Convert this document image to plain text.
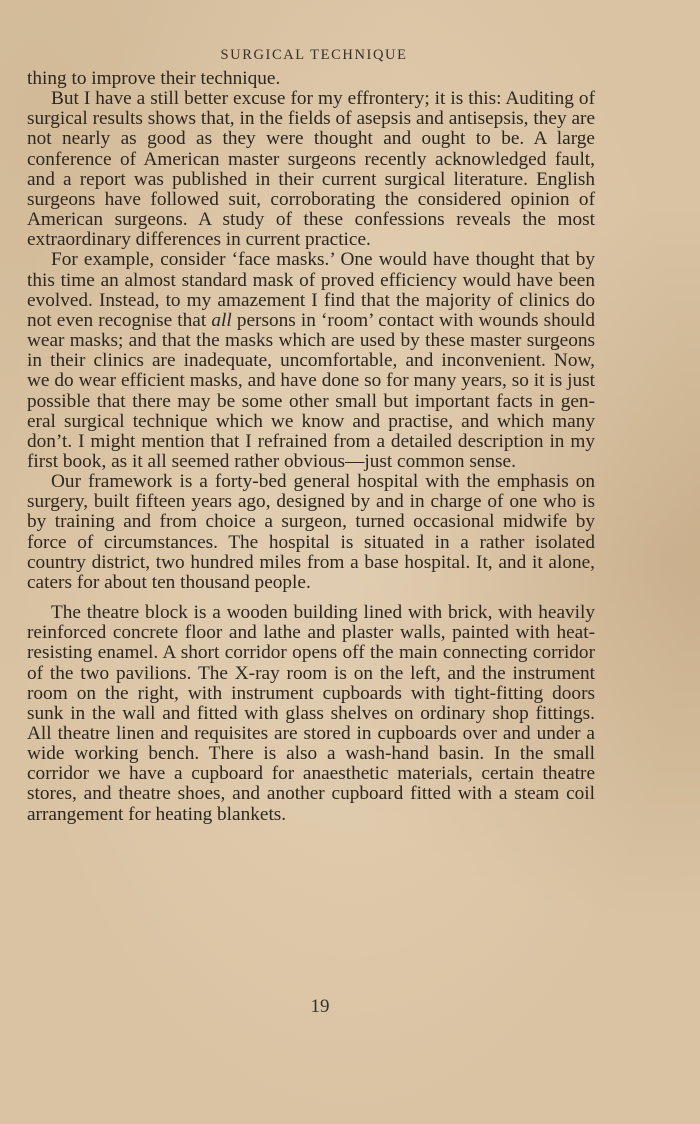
SURGICAL TECHNIQUE

thing to improve their technique.

But I have a still better excuse for my effrontery; it is this: Auditing of surgical results shows that, in the fields of asepsis and antisepsis, they are not nearly as good as they were thought and ought to be. A large conference of American master surgeons recently acknowledged fault, and a report was published in their current surgical literature. English surgeons have followed suit, corroborating the considered opinion of American surgeons. A study of these confessions reveals the most extraordinary differences in current practice.

For example, consider ‘face masks.’ One would have thought that by this time an almost standard mask of proved efficiency would have been evolved. Instead, to my amazement I find that the majority of clinics do not even recognise that all persons in ‘room’ contact with wounds should wear masks; and that the masks which are used by these master surgeons in their clinics are inadequate, uncomfortable, and inconvenient. Now, we do wear efficient masks, and have done so for many years, so it is just possible that there may be some other small but important facts in general surgical technique which we know and practise, and which many don’t. I might mention that I refrained from a detailed description in my first book, as it all seemed rather obvious—just common sense.

Our framework is a forty-bed general hospital with the emphasis on surgery, built fifteen years ago, designed by and in charge of one who is by training and from choice a surgeon, turned occasional midwife by force of circumstances. The hospital is situated in a rather isolated country district, two hundred miles from a base hospital. It, and it alone, caters for about ten thousand people.

The theatre block is a wooden building lined with brick, with heavily reinforced concrete floor and lathe and plaster walls, painted with heat-resisting enamel. A short corridor opens off the main connecting corridor of the two pavilions. The X-ray room is on the left, and the instrument room on the right, with instrument cupboards with tight-fitting doors sunk in the wall and fitted with glass shelves on ordinary shop fittings. All theatre linen and requisites are stored in cupboards over and under a wide working bench. There is also a wash-hand basin. In the small corridor we have a cupboard for anaesthetic materials, certain theatre stores, and theatre shoes, and another cupboard fitted with a steam coil arrangement for heating blankets.

19
